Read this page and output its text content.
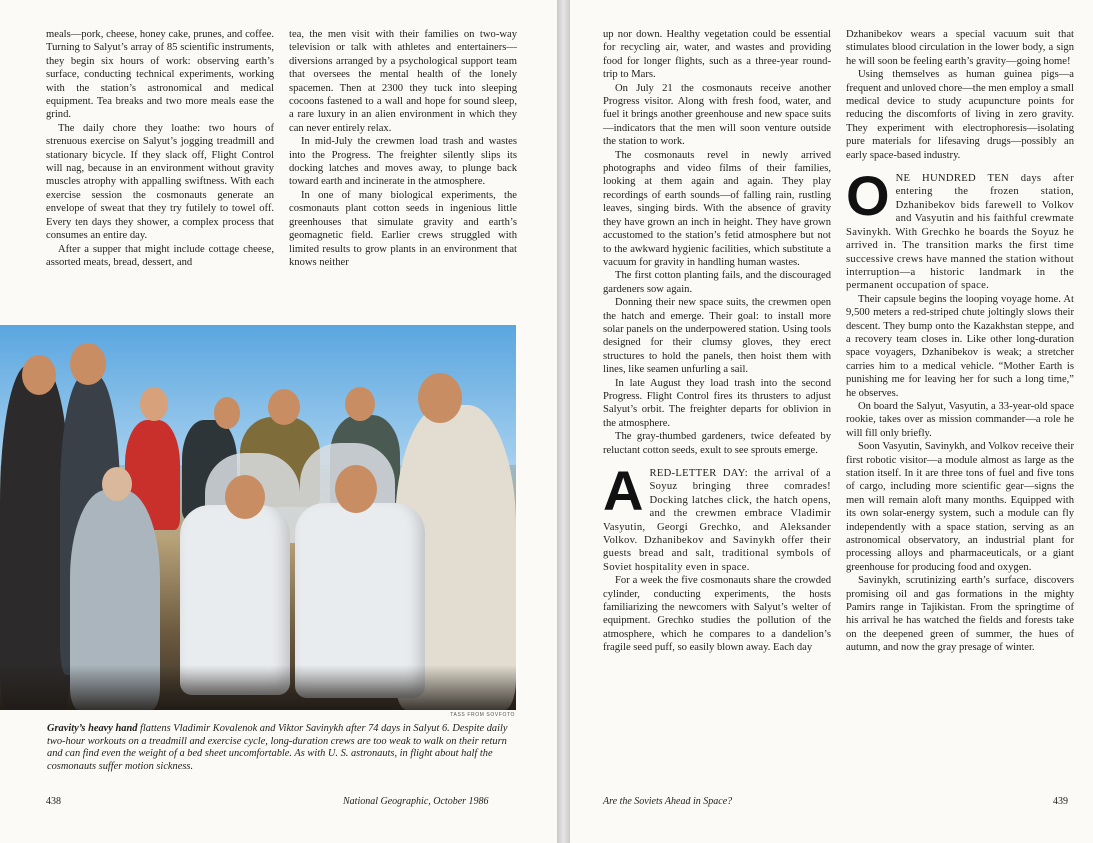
meals—pork, cheese, honey cake, prunes, and coffee. Turning to Salyut’s array of 85 scientific instruments, they begin six hours of work: observing earth’s surface, conducting technical experiments, working with the station’s astronomical and medical equipment. Tea breaks and two more meals ease the grind.

The daily chore they loathe: two hours of strenuous exercise on Salyut’s jogging treadmill and stationary bicycle. If they slack off, Flight Control will nag, because in an environment without gravity muscles atrophy with appalling swiftness. With each exercise session the cosmonauts generate an envelope of sweat that they try futilely to towel off. Every ten days they shower, a complex process that consumes an entire day.

After a supper that might include cottage cheese, assorted meats, bread, dessert, and

tea, the men visit with their families on two-way television or talk with athletes and entertainers—diversions arranged by a psychological support team that oversees the mental health of the lonely spacemen. Then at 2300 they tuck into sleeping cocoons fastened to a wall and hope for sound sleep, a rare luxury in an alien environment in which they can never entirely relax.

In mid-July the crewmen load trash and wastes into the Progress. The freighter silently slips its docking latches and moves away, to plunge back toward earth and incinerate in the atmosphere.

In one of many biological experiments, the cosmonauts plant cotton seeds in ingenious little greenhouses that simulate gravity and earth’s geomagnetic field. Earlier crews struggled with limited results to grow plants in an environment that knows neither

TASS FROM SOVFOTO
Gravity’s heavy hand flattens Vladimir Kovalenok and Viktor Savinykh after 74 days in Salyut 6. Despite daily two-hour workouts on a treadmill and exercise cycle, long-duration crews are too weak to walk on their return and can find even the weight of a bed sheet uncomfortable. As with U. S. astronauts, in flight about half the cosmonauts suffer motion sickness.
438	National Geographic, October 1986

up nor down. Healthy vegetation could be essential for recycling air, water, and wastes and providing food for longer flights, such as a three-year round-trip to Mars.

On July 21 the cosmonauts receive another Progress visitor. Along with fresh food, water, and fuel it brings another greenhouse and new space suits—indicators that the men will soon venture outside the station to work.

The cosmonauts revel in newly arrived photographs and video films of their families, looking at them again and again. They play recordings of earth sounds—of falling rain, rustling leaves, singing birds. With the absence of gravity they have grown an inch in height. They have grown accustomed to the station’s fetid atmosphere but not to the awkward hygienic facilities, which substitute a vacuum for gravity in handling human wastes.

The first cotton planting fails, and the discouraged gardeners sow again.

Donning their new space suits, the crewmen open the hatch and emerge. Their goal: to install more solar panels on the underpowered station. Using tools designed for their clumsy gloves, they erect structures to hold the panels, then hoist them with lines, like seamen unfurling a sail.

In late August they load trash into the second Progress. Flight Control fires its thrusters to adjust Salyut’s orbit. The freighter departs for oblivion in the atmosphere.

The gray-thumbed gardeners, twice defeated by reluctant cotton seeds, exult to see sprouts emerge.

ARED-LETTER DAY: the arrival of a Soyuz bringing three comrades! Docking latches click, the hatch opens, and the crewmen embrace Vladimir Vasyutin, Georgi Grechko, and Aleksander Volkov. Dzhanibekov and Savinykh offer their guests bread and salt, traditional symbols of Soviet hospitality even in space.

For a week the five cosmonauts share the crowded cylinder, conducting experiments, the hosts familiarizing the newcomers with Salyut’s welter of equipment. Grechko studies the pollution of the atmosphere, which he compares to a dandelion’s fragile seed puff, so easily blown away. Each day

Dzhanibekov wears a special vacuum suit that stimulates blood circulation in the lower body, a sign he will soon be feeling earth’s gravity—going home!

Using themselves as human guinea pigs—a frequent and unloved chore—the men employ a small medical device to study acupuncture points for reducing the discomforts of living in zero gravity. They experiment with electrophoresis—isolating pure materials for lifesaving drugs—possibly an early space-based industry.

ONE HUNDRED TEN days after entering the frozen station, Dzhanibekov bids farewell to Volkov and Vasyutin and his faithful crewmate Savinykh. With Grechko he boards the Soyuz he arrived in. The transition marks the first time successive crews have manned the station without interruption—a historic landmark in the permanent occupation of space.

Their capsule begins the looping voyage home. At 9,500 meters a red-striped chute joltingly slows their descent. They bump onto the Kazakhstan steppe, and a recovery team closes in. Like other long-duration space voyagers, Dzhanibekov is weak; a stretcher carries him to a medical vehicle. “Mother Earth is punishing me for leaving her for such a long time,” he observes.

On board the Salyut, Vasyutin, a 33-year-old space rookie, takes over as mission commander—a role he will fill only briefly.

Soon Vasyutin, Savinykh, and Volkov receive their first robotic visitor—a module almost as large as the station itself. In it are three tons of fuel and five tons of cargo, including more scientific gear—signs the men will remain aloft many months. Equipped with its own solar-energy system, such a module can fly independently with a space station, serving as an astronomical observatory, an industrial plant for processing alloys and pharmaceuticals, or a giant greenhouse for producing food and oxygen.

Savinykh, scrutinizing earth’s surface, discovers promising oil and gas formations in the mighty Pamirs range in Tajikistan. From the springtime of his arrival he has watched the fields and forests take on the deepened green of summer, the hues of autumn, and now the gray presage of winter.

Are the Soviets Ahead in Space?	439
